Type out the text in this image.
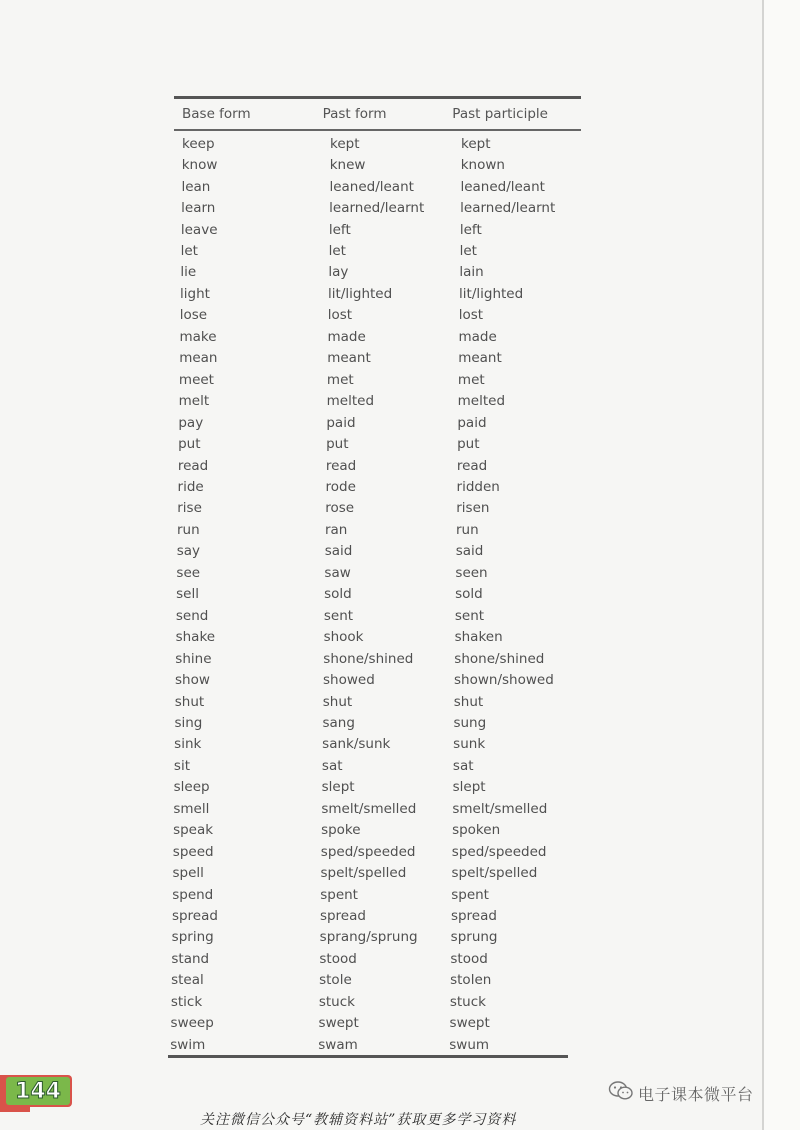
Base form	Past form	Past participle
keep	kept	kept
know	knew	known
lean	leaned/leant	leaned/leant
learn	learned/learnt	learned/learnt
leave	left	left
let	let	let
lie	lay	lain
light	lit/lighted	lit/lighted
lose	lost	lost
make	made	made
mean	meant	meant
meet	met	met
melt	melted	melted
pay	paid	paid
put	put	put
read	read	read
ride	rode	ridden
rise	rose	risen
run	ran	run
say	said	said
see	saw	seen
sell	sold	sold
send	sent	sent
shake	shook	shaken
shine	shone/shined	shone/shined
show	showed	shown/showed
shut	shut	shut
sing	sang	sung
sink	sank/sunk	sunk
sit	sat	sat
sleep	slept	slept
smell	smelt/smelled	smelt/smelled
speak	spoke	spoken
speed	sped/speeded	sped/speeded
spell	spelt/spelled	spelt/spelled
spend	spent	spent
spread	spread	spread
spring	sprang/sprung	sprung
stand	stood	stood
steal	stole	stolen
stick	stuck	stuck
sweep	swept	swept
swim	swam	swum
144	电子课本微平台
关注微信公众号“教辅资料站”获取更多学习资料
